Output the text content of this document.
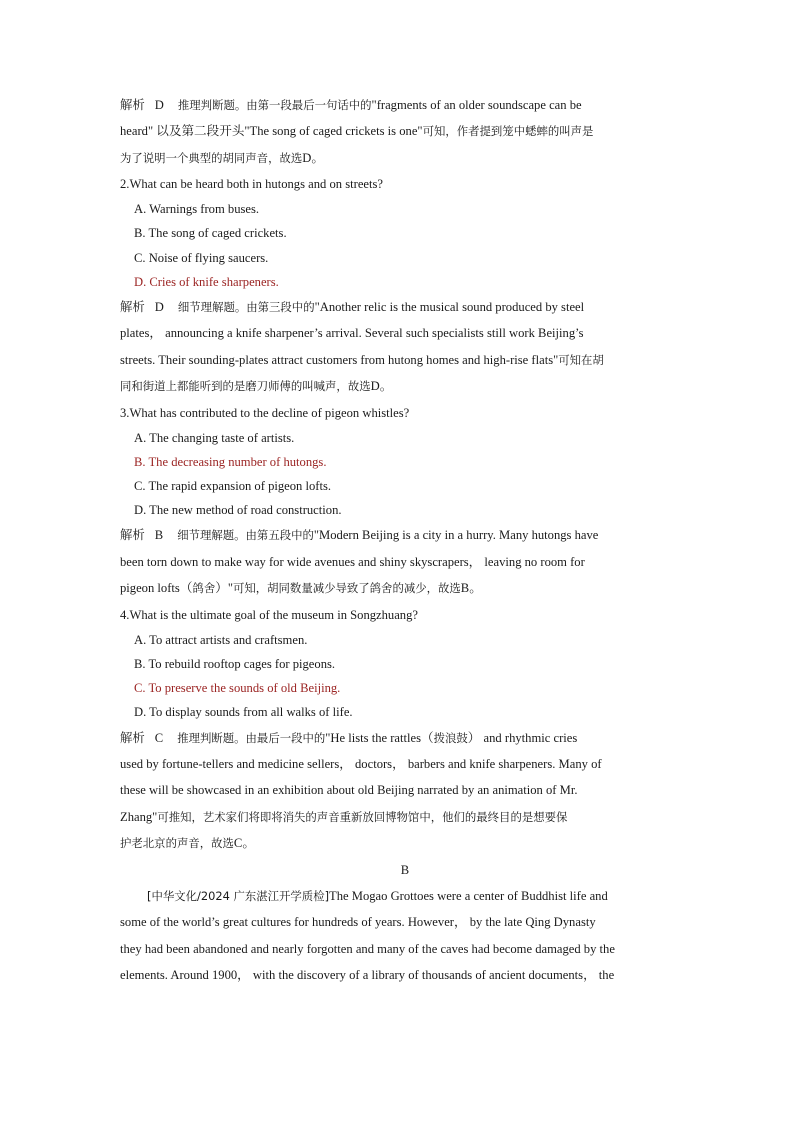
解析 D 推理判断题。由第一段最后一句话中的"fragments of an older soundscape can be
heard" 以及第二段开头"The song of caged crickets is one"可知，作者提到笼中蟋蟀的叫声是
为了说明一个典型的胡同声音，故选D。
2.What can be heard both in hutongs and on streets?
A. Warnings from buses.
B. The song of caged crickets.
C. Noise of flying saucers.
D. Cries of knife sharpeners.
解析 D 细节理解题。由第三段中的"Another relic is the musical sound produced by steel
plates， announcing a knife sharpener’s arrival. Several such specialists still work Beijing’s
streets. Their sounding-plates attract customers from hutong homes and high-rise flats"可知在胡
同和街道上都能听到的是磨刀师傅的叫喊声，故选D。
3.What has contributed to the decline of pigeon whistles?
A. The changing taste of artists.
B. The decreasing number of hutongs.
C. The rapid expansion of pigeon lofts.
D. The new method of road construction.
解析 B 细节理解题。由第五段中的"Modern Beijing is a city in a hurry. Many hutongs have
been torn down to make way for wide avenues and shiny skyscrapers， leaving no room for
pigeon lofts（鸽舍）"可知，胡同数量减少导致了鸽舍的减少，故选B。
4.What is the ultimate goal of the museum in Songzhuang?
A. To attract artists and craftsmen.
B. To rebuild rooftop cages for pigeons.
C. To preserve the sounds of old Beijing.
D. To display sounds from all walks of life.
解析 C 推理判断题。由最后一段中的"He lists the rattles（拨浪鼓） and rhythmic cries
used by fortune-tellers and medicine sellers， doctors， barbers and knife sharpeners. Many of
these will be showcased in an exhibition about old Beijing narrated by an animation of Mr.
Zhang"可推知，艺术家们将即将消失的声音重新放回博物馆中，他们的最终目的是想要保
护老北京的声音，故选C。
B
[中华文化/2024 广东湛江开学质检]The Mogao Grottoes were a center of Buddhist life and
some of the world’s great cultures for hundreds of years. However， by the late Qing Dynasty
they had been abandoned and nearly forgotten and many of the caves had become damaged by the
elements. Around 1900， with the discovery of a library of thousands of ancient documents， the
